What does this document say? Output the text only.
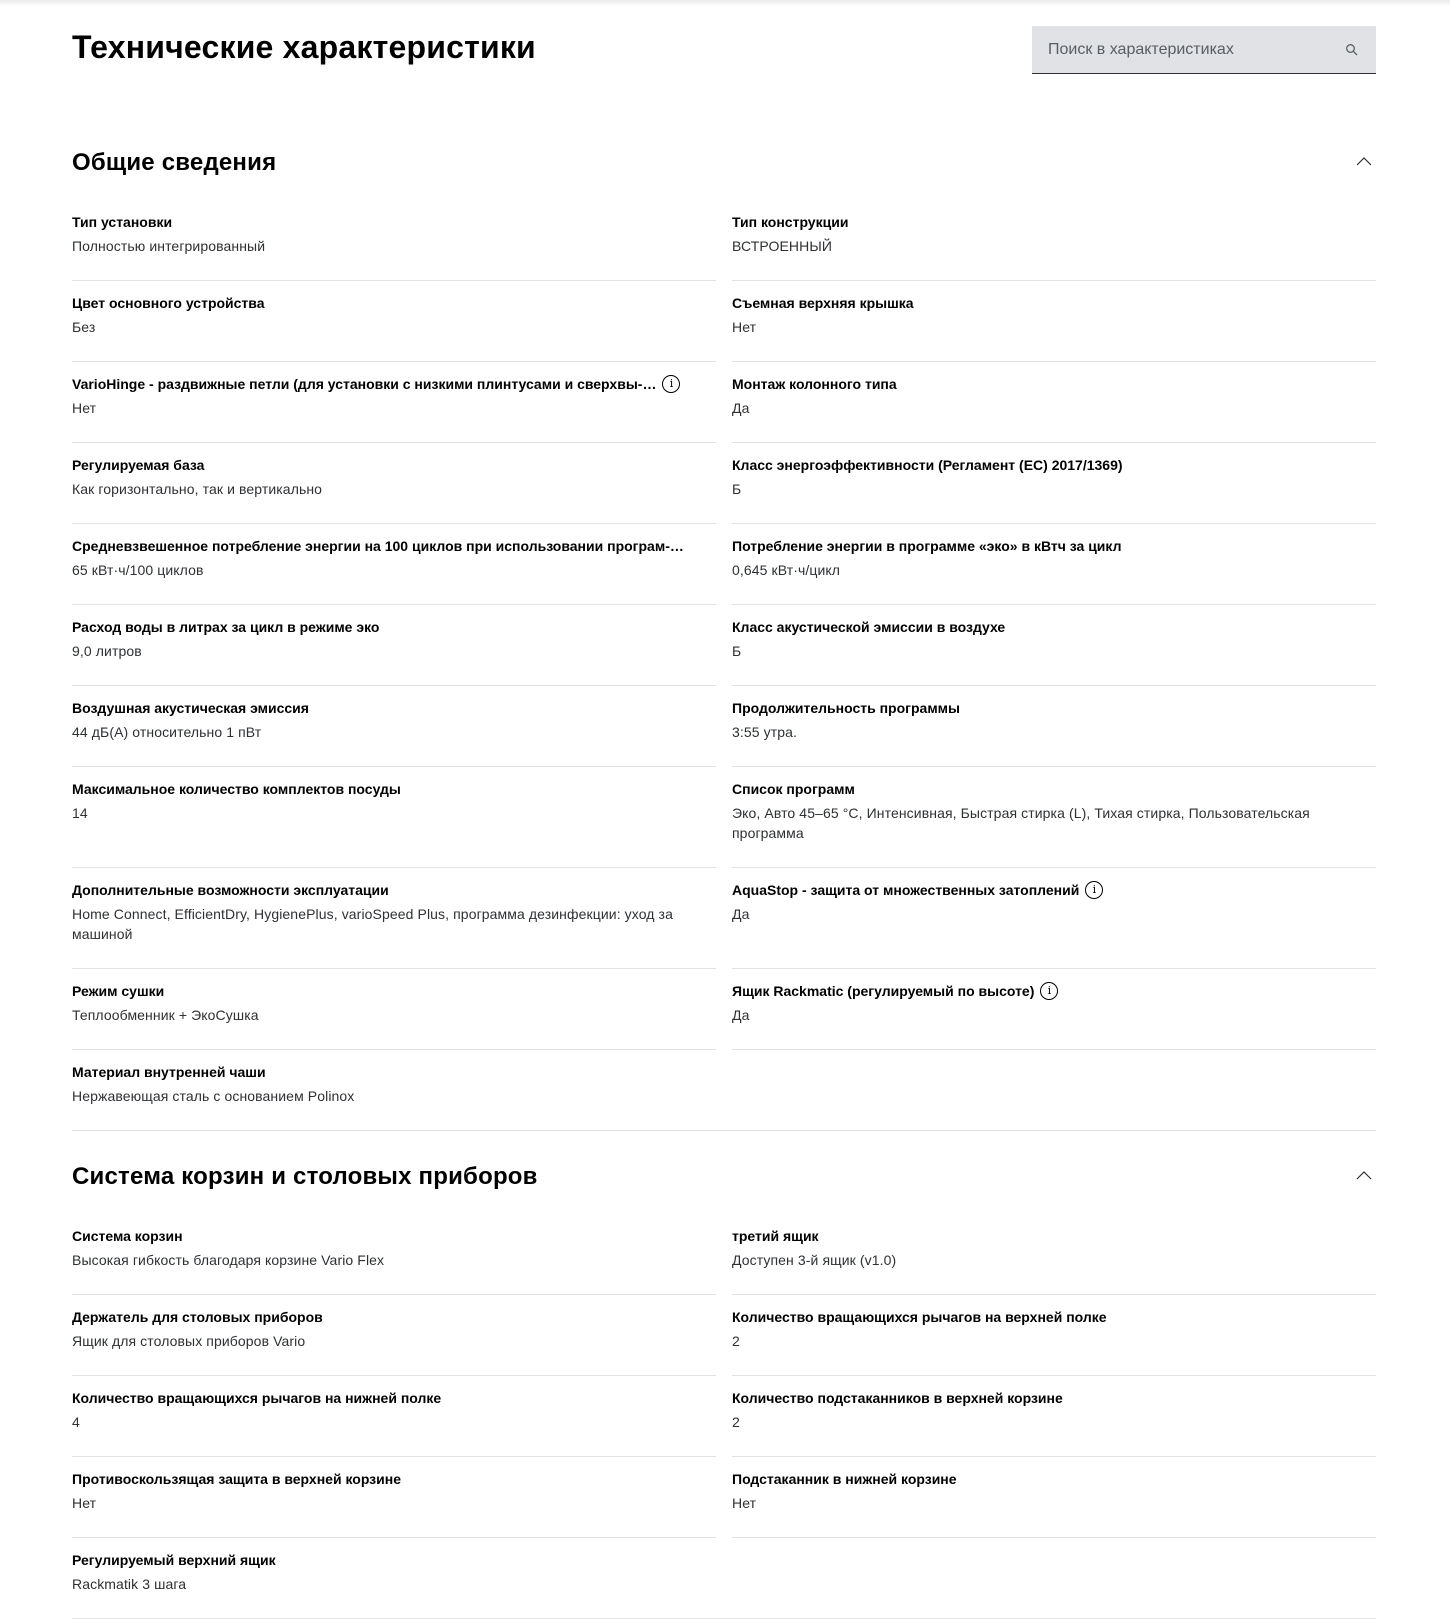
Технические характеристики
Поиск в характеристиках
Общие сведения
Тип установки
Полностью интегрированный
Тип конструкции
ВСТРОЕННЫЙ
Цвет основного устройства
Без
Съемная верхняя крышка
Нет
VarioHinge - раздвижные петли (для установки с низкими плинтусами и сверхвы-…	i
Нет
Монтаж колонного типа
Да
Регулируемая база
Как горизонтально, так и вертикально
Класс энергоэффективности (Регламент (EС) 2017/1369)
Б
Средневзвешенное потребление энергии на 100 циклов при использовании програм-…
65 кВт·ч/100 циклов
Потребление энергии в программе «эко» в кВтч за цикл
0,645 кВт·ч/цикл
Расход воды в литрах за цикл в режиме эко
9,0 литров
Класс акустической эмиссии в воздухе
Б
Воздушная акустическая эмиссия
44 дБ(A) относительно 1 пВт
Продолжительность программы
3:55 утра.
Максимальное количество комплектов посуды
14
Список программ
Эко, Авто 45–65 °C, Интенсивная, Быстрая стирка (L), Тихая стирка, Пользовательская программа
Дополнительные возможности эксплуатации
Home Connect, EfficientDry, HygienePlus, varioSpeed Plus, программа дезинфекции: уход за машиной
AquaStop - защита от множественных затоплений	i
Да
Режим сушки
Теплообменник + ЭкоСушка
Ящик Rackmatic (регулируемый по высоте)	i
Да
Материал внутренней чаши
Нержавеющая сталь с основанием Polinox
Система корзин и столовых приборов
Система корзин
Высокая гибкость благодаря корзине Vario Flex
третий ящик
Доступен 3-й ящик (v1.0)
Держатель для столовых приборов
Ящик для столовых приборов Vario
Количество вращающихся рычагов на верхней полке
2
Количество вращающихся рычагов на нижней полке
4
Количество подстаканников в верхней корзине
2
Противоскользящая защита в верхней корзине
Нет
Подстаканник в нижней корзине
Нет
Регулируемый верхний ящик
Rackmatik 3 шага
